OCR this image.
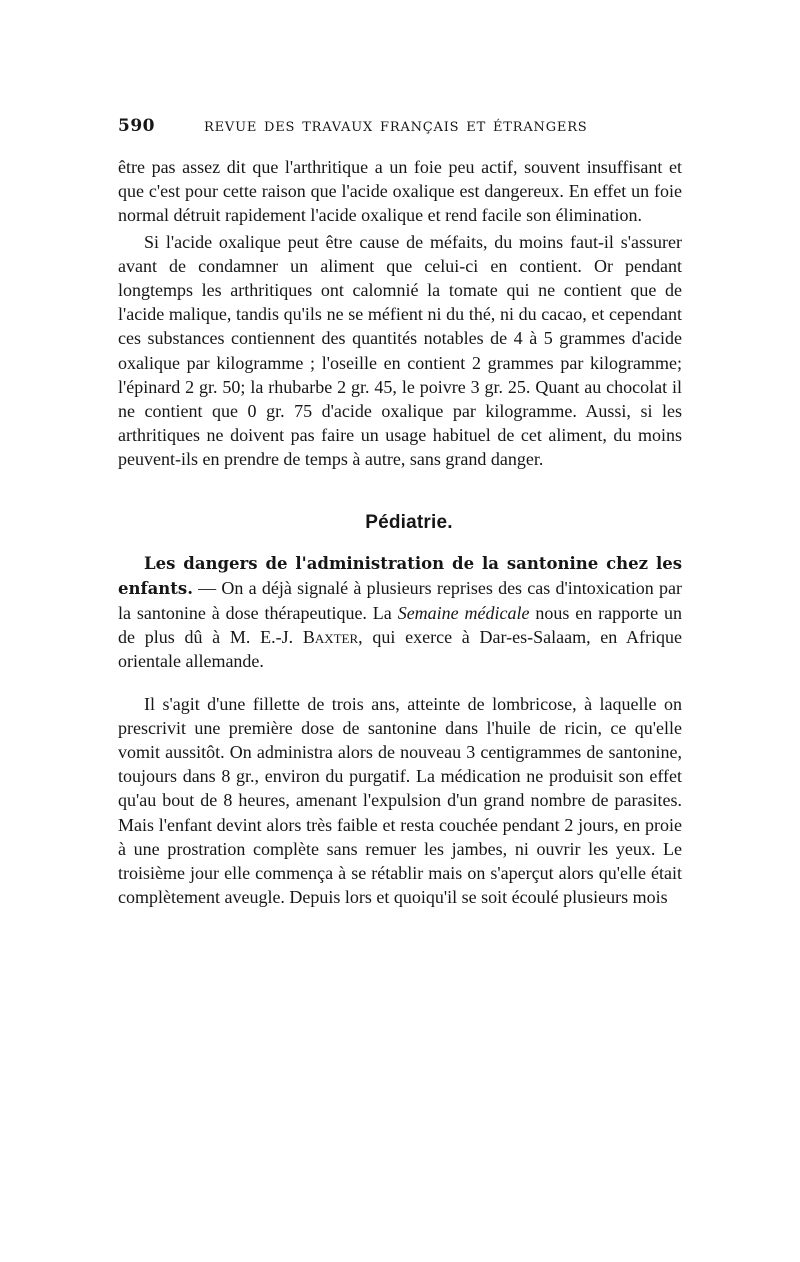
590	REVUE DES TRAVAUX FRANÇAIS ET ÉTRANGERS

être pas assez dit que l'arthritique a un foie peu actif, souvent insuffisant et que c'est pour cette raison que l'acide oxalique est dangereux. En effet un foie normal détruit rapidement l'acide oxalique et rend facile son élimination.

Si l'acide oxalique peut être cause de méfaits, du moins faut-il s'assurer avant de condamner un aliment que celui-ci en contient. Or pendant longtemps les arthritiques ont calomnié la tomate qui ne contient que de l'acide malique, tandis qu'ils ne se méfient ni du thé, ni du cacao, et cependant ces substances contiennent des quantités notables de 4 à 5 grammes d'acide oxalique par kilogramme ; l'oseille en contient 2 grammes par kilogramme; l'épinard 2 gr. 50; la rhubarbe 2 gr. 45, le poivre 3 gr. 25. Quant au chocolat il ne contient que 0 gr. 75 d'acide oxalique par kilogramme. Aussi, si les arthritiques ne doivent pas faire un usage habituel de cet aliment, du moins peuvent-ils en prendre de temps à autre, sans grand danger.

Pédiatrie.

Les dangers de l'administration de la santonine chez les enfants. — On a déjà signalé à plusieurs reprises des cas d'intoxication par la santonine à dose thérapeutique. La Semaine médicale nous en rapporte un de plus dû à M. E.-J. Baxter, qui exerce à Dar-es-Salaam, en Afrique orientale allemande.

Il s'agit d'une fillette de trois ans, atteinte de lombricose, à laquelle on prescrivit une première dose de santonine dans l'huile de ricin, ce qu'elle vomit aussitôt. On administra alors de nouveau 3 centigrammes de santonine, toujours dans 8 gr., environ du purgatif. La médication ne produisit son effet qu'au bout de 8 heures, amenant l'expulsion d'un grand nombre de parasites. Mais l'enfant devint alors très faible et resta couchée pendant 2 jours, en proie à une prostration complète sans remuer les jambes, ni ouvrir les yeux. Le troisième jour elle commença à se rétablir mais on s'aperçut alors qu'elle était complètement aveugle. Depuis lors et quoiqu'il se soit écoulé plusieurs mois
